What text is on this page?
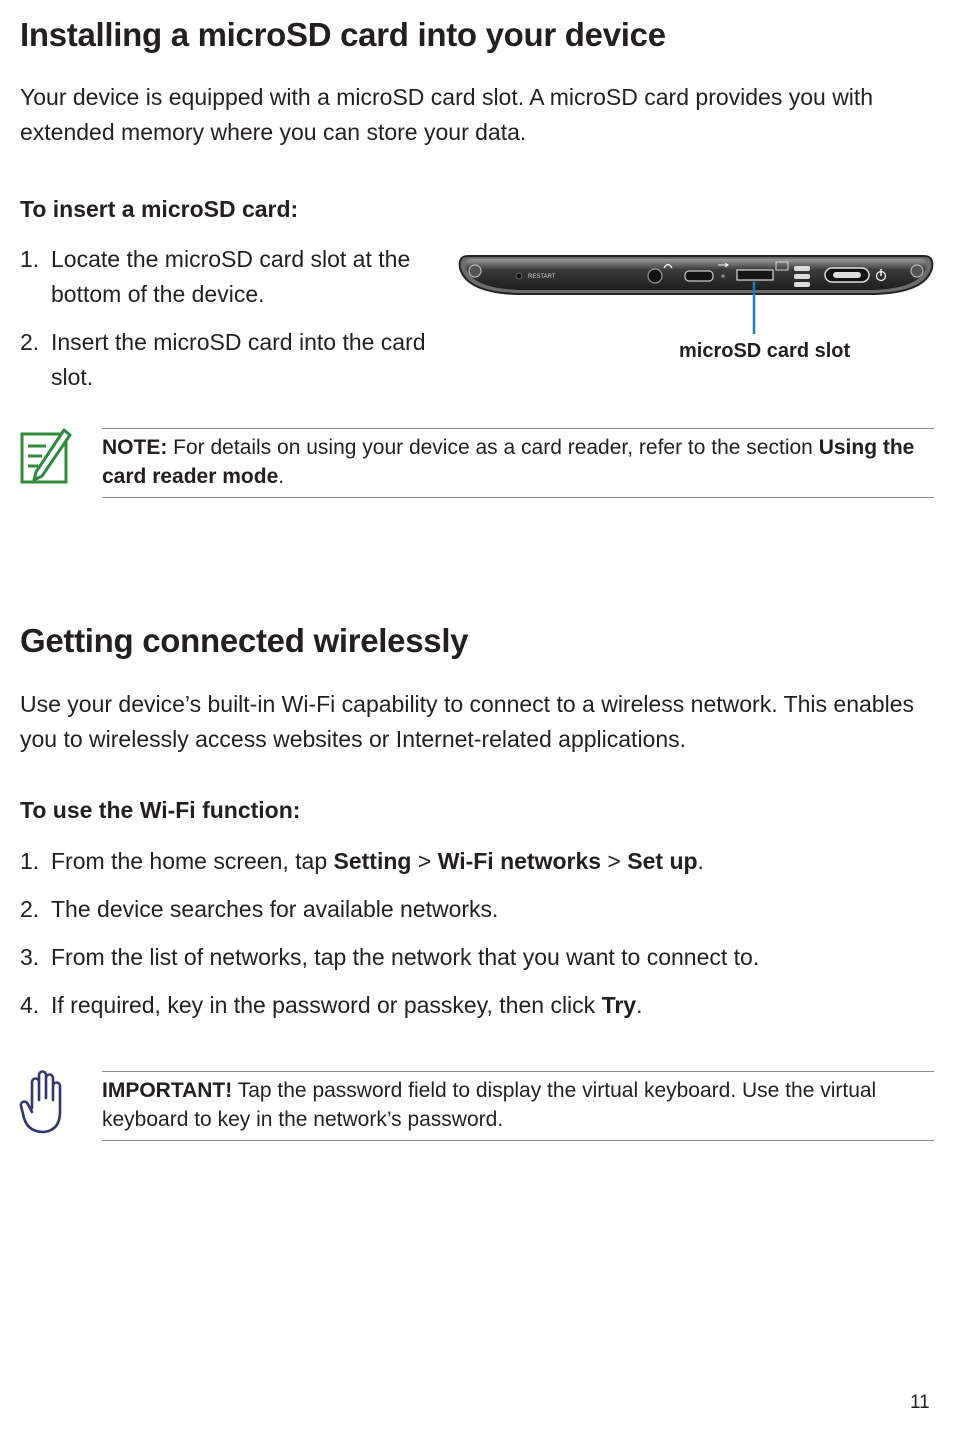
Installing a microSD card into your device

Your device is equipped with a microSD card slot. A microSD card provides you with extended memory where you can store your data.

To insert a microSD card:
1. Locate the microSD card slot at the bottom of the device.
2. Insert the microSD card into the card slot.
RESTART
microSD card slot
NOTE: For details on using your device as a card reader, refer to the section Using the card reader mode.
Getting connected wirelessly

Use your device’s built-in Wi-Fi capability to connect to a wireless network. This enables you to wirelessly access websites or Internet-related applications.

To use the Wi-Fi function:
1. From the home screen, tap Setting > Wi-Fi networks > Set up.
2. The device searches for available networks.
3. From the list of networks, tap the network that you want to connect to.
4. If required, key in the password or passkey, then click Try.
IMPORTANT! Tap the password field to display the virtual keyboard. Use the virtual keyboard to key in the network’s password.
11
